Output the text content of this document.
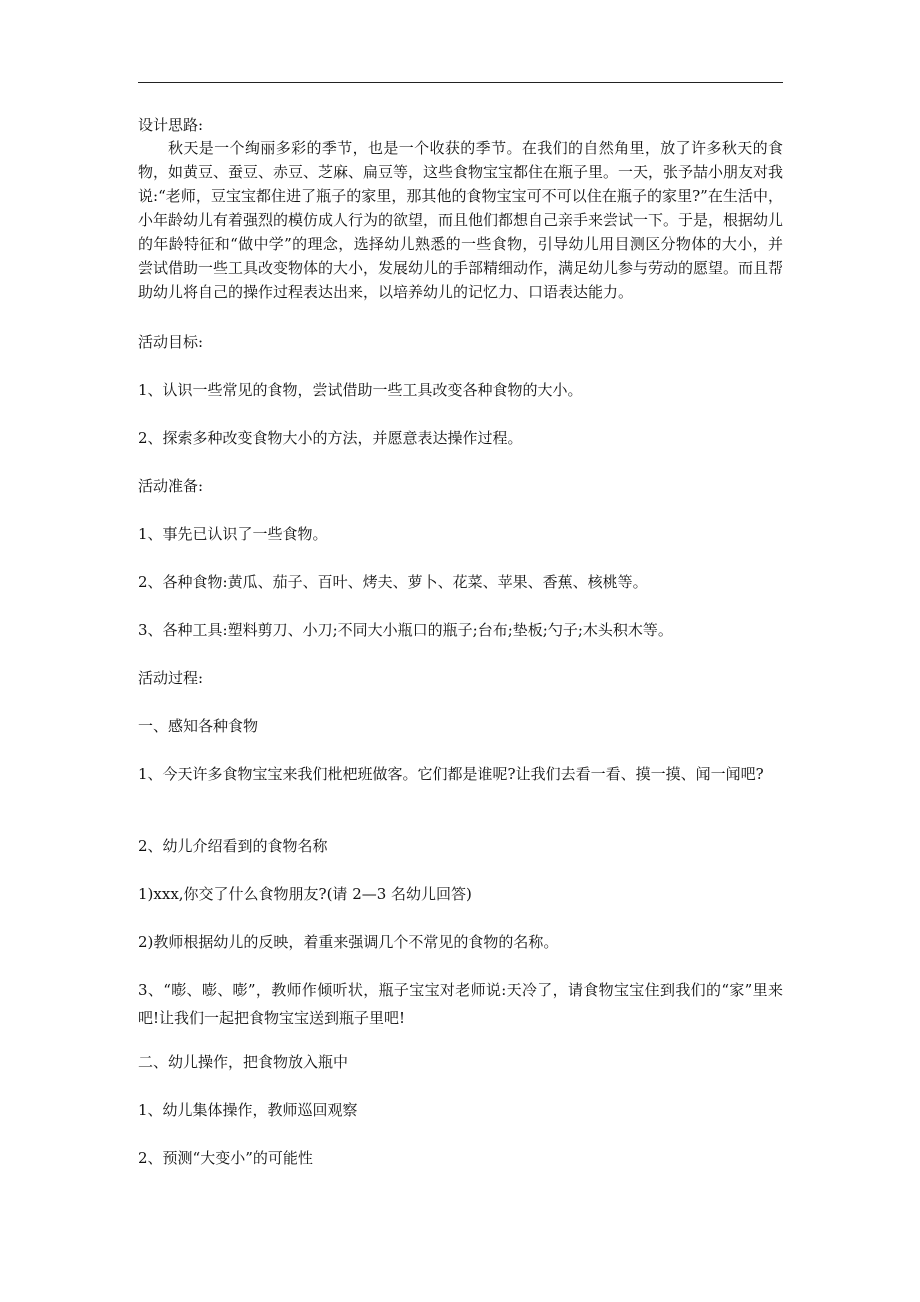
设计思路:
秋天是一个绚丽多彩的季节，也是一个收获的季节。在我们的自然角里，放了许多秋天的食物，如黄豆、蚕豆、赤豆、芝麻、扁豆等，这些食物宝宝都住在瓶子里。一天，张予喆小朋友对我说:“老师，豆宝宝都住进了瓶子的家里，那其他的食物宝宝可不可以住在瓶子的家里?”在生活中，小年龄幼儿有着强烈的模仿成人行为的欲望，而且他们都想自己亲手来尝试一下。于是，根据幼儿的年龄特征和“做中学”的理念，选择幼儿熟悉的一些食物，引导幼儿用目测区分物体的大小，并尝试借助一些工具改变物体的大小，发展幼儿的手部精细动作，满足幼儿参与劳动的愿望。而且帮助幼儿将自己的操作过程表达出来，以培养幼儿的记忆力、口语表达能力。
活动目标:
1、认识一些常见的食物，尝试借助一些工具改变各种食物的大小。
2、探索多种改变食物大小的方法，并愿意表达操作过程。
活动准备:
1、事先已认识了一些食物。
2、各种食物:黄瓜、茄子、百叶、烤夫、萝卜、花菜、苹果、香蕉、核桃等。
3、各种工具:塑料剪刀、小刀;不同大小瓶口的瓶子;台布;垫板;勺子;木头积木等。
活动过程:
一、感知各种食物
1、今天许多食物宝宝来我们枇杷班做客。它们都是谁呢?让我们去看一看、摸一摸、闻一闻吧?
2、幼儿介绍看到的食物名称
1)xxx,你交了什么食物朋友?(请 2—3 名幼儿回答)
2)教师根据幼儿的反映，着重来强调几个不常见的食物的名称。
3、“嘭、嘭、嘭”，教师作倾听状，瓶子宝宝对老师说:天冷了，请食物宝宝住到我们的“家”里来吧!让我们一起把食物宝宝送到瓶子里吧!
二、幼儿操作，把食物放入瓶中
1、幼儿集体操作，教师巡回观察
2、预测“大变小”的可能性
